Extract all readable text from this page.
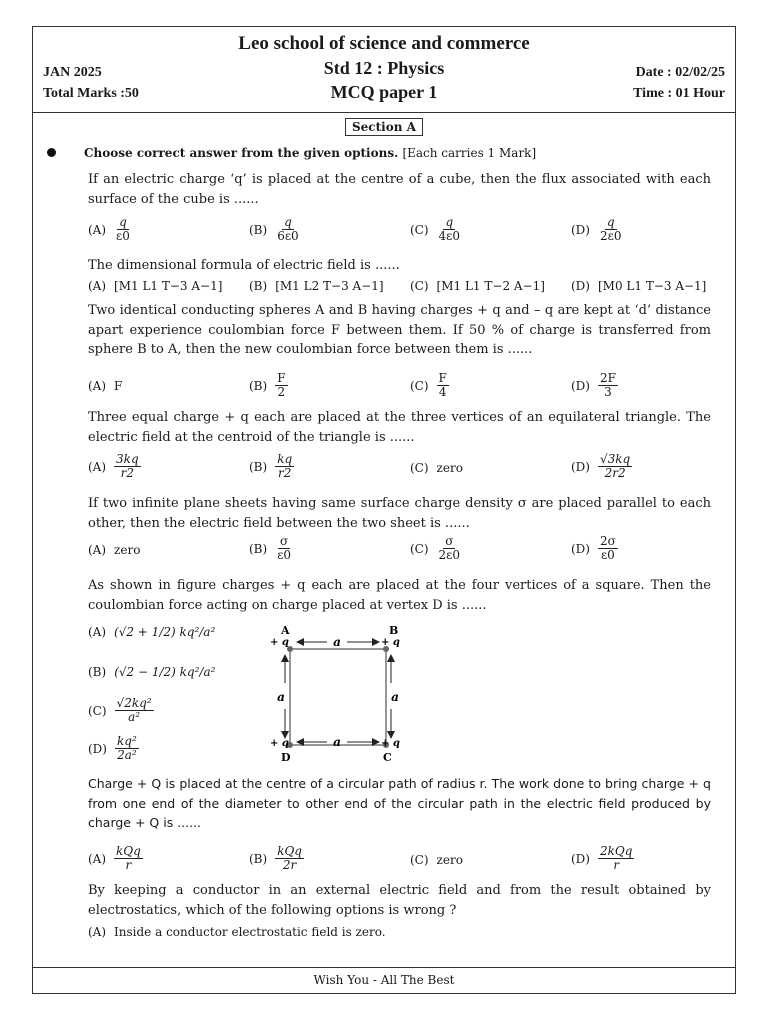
Leo school of science and commerce
Std 12 : Physics
MCQ paper 1
JAN 2025
Total Marks :50
Date : 02/02/25
Time : 01 Hour
Section A
Choose correct answer from the given options. [Each carries 1 Mark]
If an electric charge ‘q’ is placed at the centre of a cube, then the flux associated with each surface of the cube is ......
$(A) \frac{q}{\varepsilon 0}$	$(B) \frac{q}{6\varepsilon 0}$	$(C) \frac{q}{4\varepsilon 0}$	$(D) \frac{q}{2\varepsilon 0}$
The dimensional formula of electric field is ......
(A) [M1 L1 T−3 A−1] (B) [M1 L2 T−3 A−1] (C) [M1 L1 T−2 A−1] (D) [M0 L1 T−3 A−1]
Two identical conducting spheres A and B having charges + q and – q are kept at ‘d’ distance apart experience coulombian force F between them. If 50 % of charge is transferred from sphere B to A, then the new coulombian force between them is ......
(A) F	$(B) \frac{F}{2}$	$(C) \frac{F}{4}$	$(D) \frac{2F}{3}$
Three equal charge + q each are placed at the three vertices of an equilateral triangle. The electric field at the centroid of the triangle is ......
$(A) \frac{3kq}{r2}$	$(B) \frac{kq}{r2}$	(C) zero	$(D) \frac{√3kq}{2r2}$
If two infinite plane sheets having same surface charge density σ are placed parallel to each other, then the electric field between the two sheet is ......
(A) zero	$(B) \frac{\sigma}{\varepsilon 0}$	$(C) \frac{\sigma}{2\varepsilon 0}$	$(D) \frac{2\sigma}{\varepsilon 0}$
As shown in figure charges + q each are placed at the four vertices of a square. Then the coulombian force acting on charge placed at vertex D is ......
(A) (√2 + 1/2) kq²/a²
(B) (√2 − 1/2) kq²/a²
$(C) \frac{\text{√2kq²}}{\text{a²}}$
$(D) \frac{\text{kq²}}{\text{2a²}}$
a
a
a	a
A	B
C
D
+ q	+ q
+ q	+ q
Charge + Q is placed at the centre of a circular path of radius r. The work done to bring charge + q from one end of the diameter to other end of the circular path in the electric field produced by charge + Q is ......
$(A) \frac{\text{kQq}}{r}$	$(B) \frac{\text{kQq}}{2r}$	(C) zero	$(D) \frac{\text{2kQq}}{r}$
By keeping a conductor in an external electric field and from the result obtained by electrostatics, which of the following options is wrong ?
(A) Inside a conductor electrostatic field is zero.
Wish You - All The Best
